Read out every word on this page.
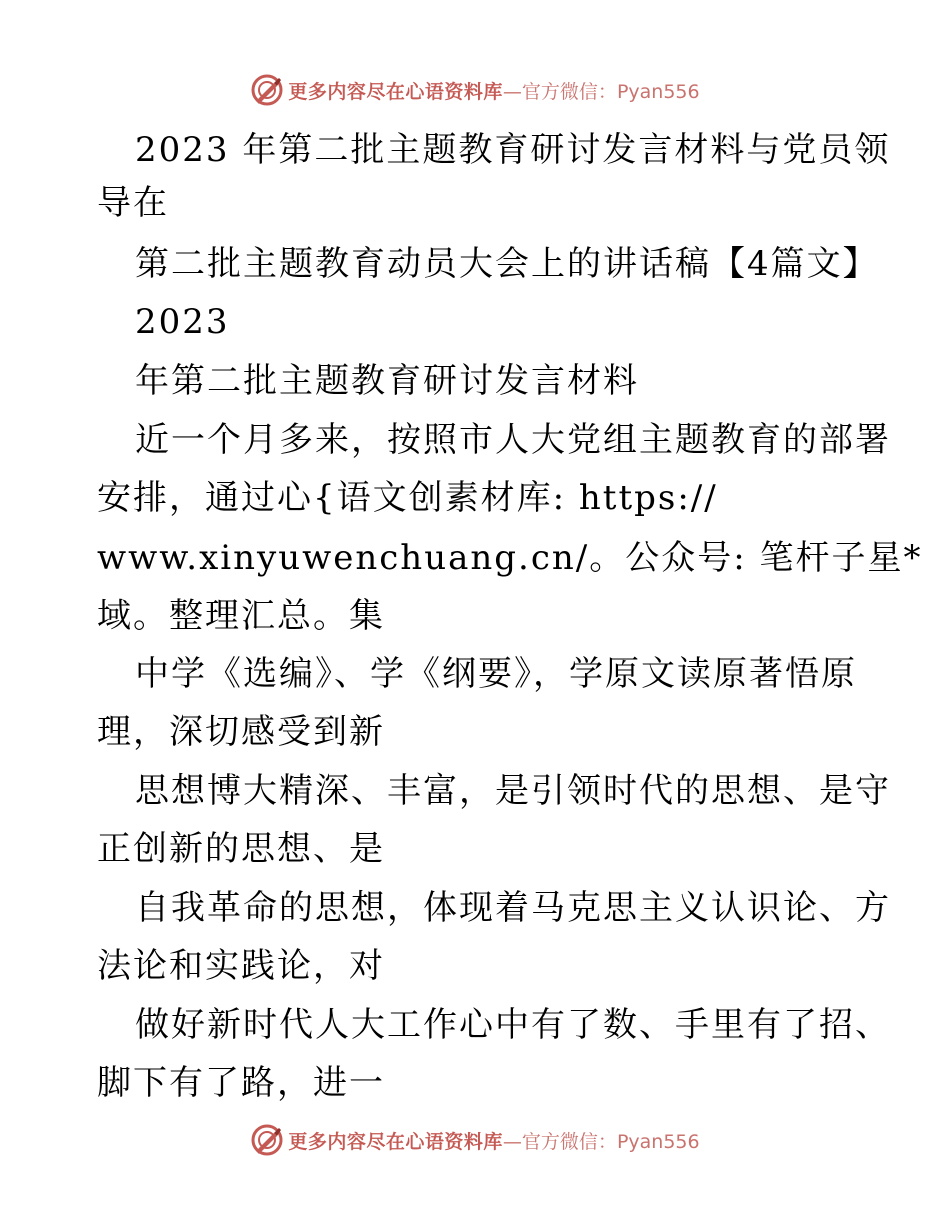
更多内容尽在心语资料库—官方微信：Pyan556
2023 年第二批主题教育研讨发言材料与党员领
导在
第二批主题教育动员大会上的讲话稿【4篇文】
2023
年第二批主题教育研讨发言材料
近一个月多来，按照市人大党组主题教育的部署
安排，通过心{语文创素材库: https://
www.xinyuwenchuang.cn/。公众号: 笔杆子星*
域。整理汇总。集
中学《选编》、学《纲要》，学原文读原著悟原
理，深切感受到新
思想博大精深、丰富，是引领时代的思想、是守
正创新的思想、是
自我革命的思想，体现着马克思主义认识论、方
法论和实践论，对
做好新时代人大工作心中有了数、手里有了招、
脚下有了路，进一
更多内容尽在心语资料库—官方微信：Pyan556
